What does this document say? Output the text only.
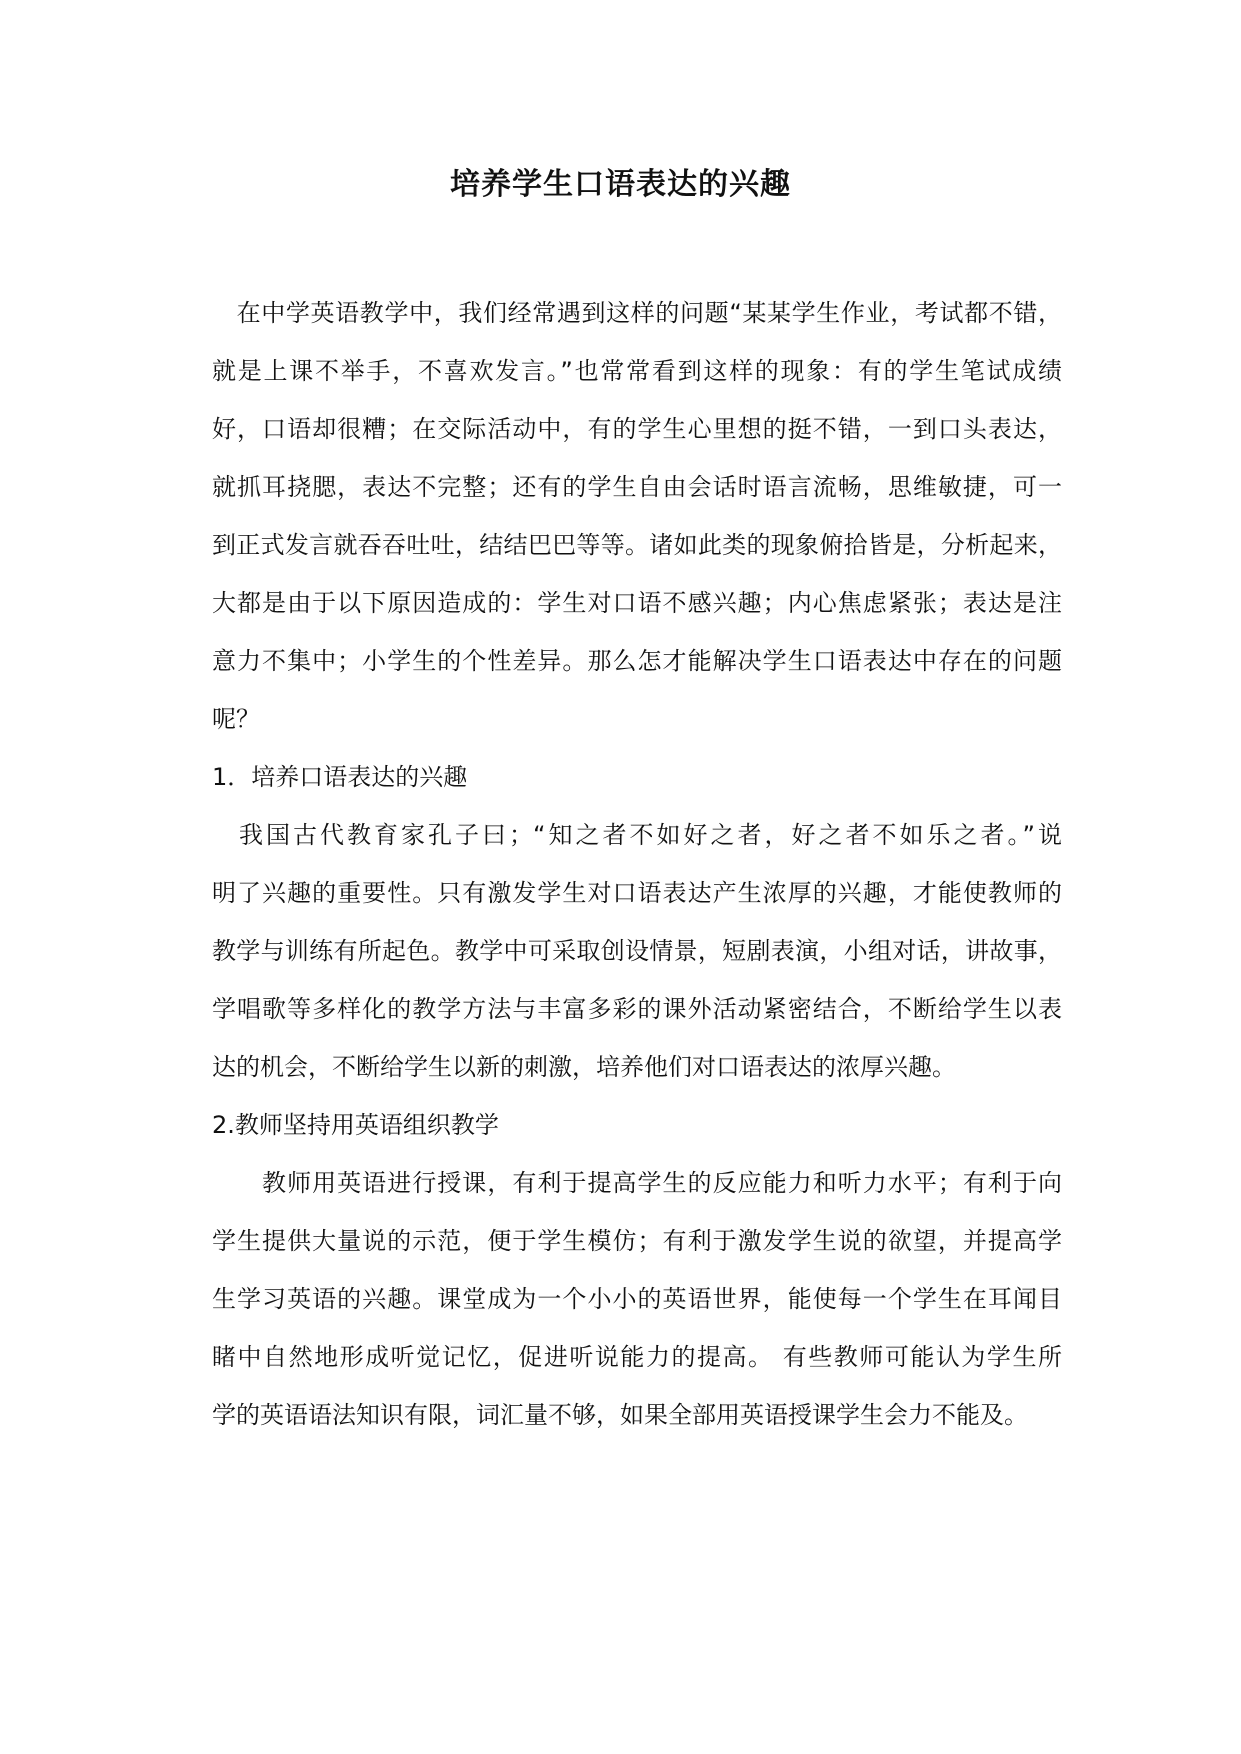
培养学生口语表达的兴趣
　在中学英语教学中，我们经常遇到这样的问题“某某学生作业，考试都不错，
就是上课不举手，不喜欢发言。”也常常看到这样的现象：有的学生笔试成绩
好，口语却很糟；在交际活动中，有的学生心里想的挺不错，一到口头表达，
就抓耳挠腮，表达不完整；还有的学生自由会话时语言流畅，思维敏捷，可一
到正式发言就吞吞吐吐，结结巴巴等等。诸如此类的现象俯拾皆是，分析起来，
大都是由于以下原因造成的：学生对口语不感兴趣；内心焦虑紧张；表达是注
意力不集中；小学生的个性差异。那么怎才能解决学生口语表达中存在的问题
呢？
1．培养口语表达的兴趣
　我国古代教育家孔子曰；“知之者不如好之者，好之者不如乐之者。”说
明了兴趣的重要性。只有激发学生对口语表达产生浓厚的兴趣，才能使教师的
教学与训练有所起色。教学中可采取创设情景，短剧表演，小组对话，讲故事，
学唱歌等多样化的教学方法与丰富多彩的课外活动紧密结合，不断给学生以表
达的机会，不断给学生以新的刺激，培养他们对口语表达的浓厚兴趣。
2.教师坚持用英语组织教学
　　教师用英语进行授课，有利于提高学生的反应能力和听力水平；有利于向
学生提供大量说的示范，便于学生模仿；有利于激发学生说的欲望，并提高学
生学习英语的兴趣。课堂成为一个小小的英语世界，能使每一个学生在耳闻目
睹中自然地形成听觉记忆，促进听说能力的提高。 有些教师可能认为学生所
学的英语语法知识有限，词汇量不够，如果全部用英语授课学生会力不能及。
